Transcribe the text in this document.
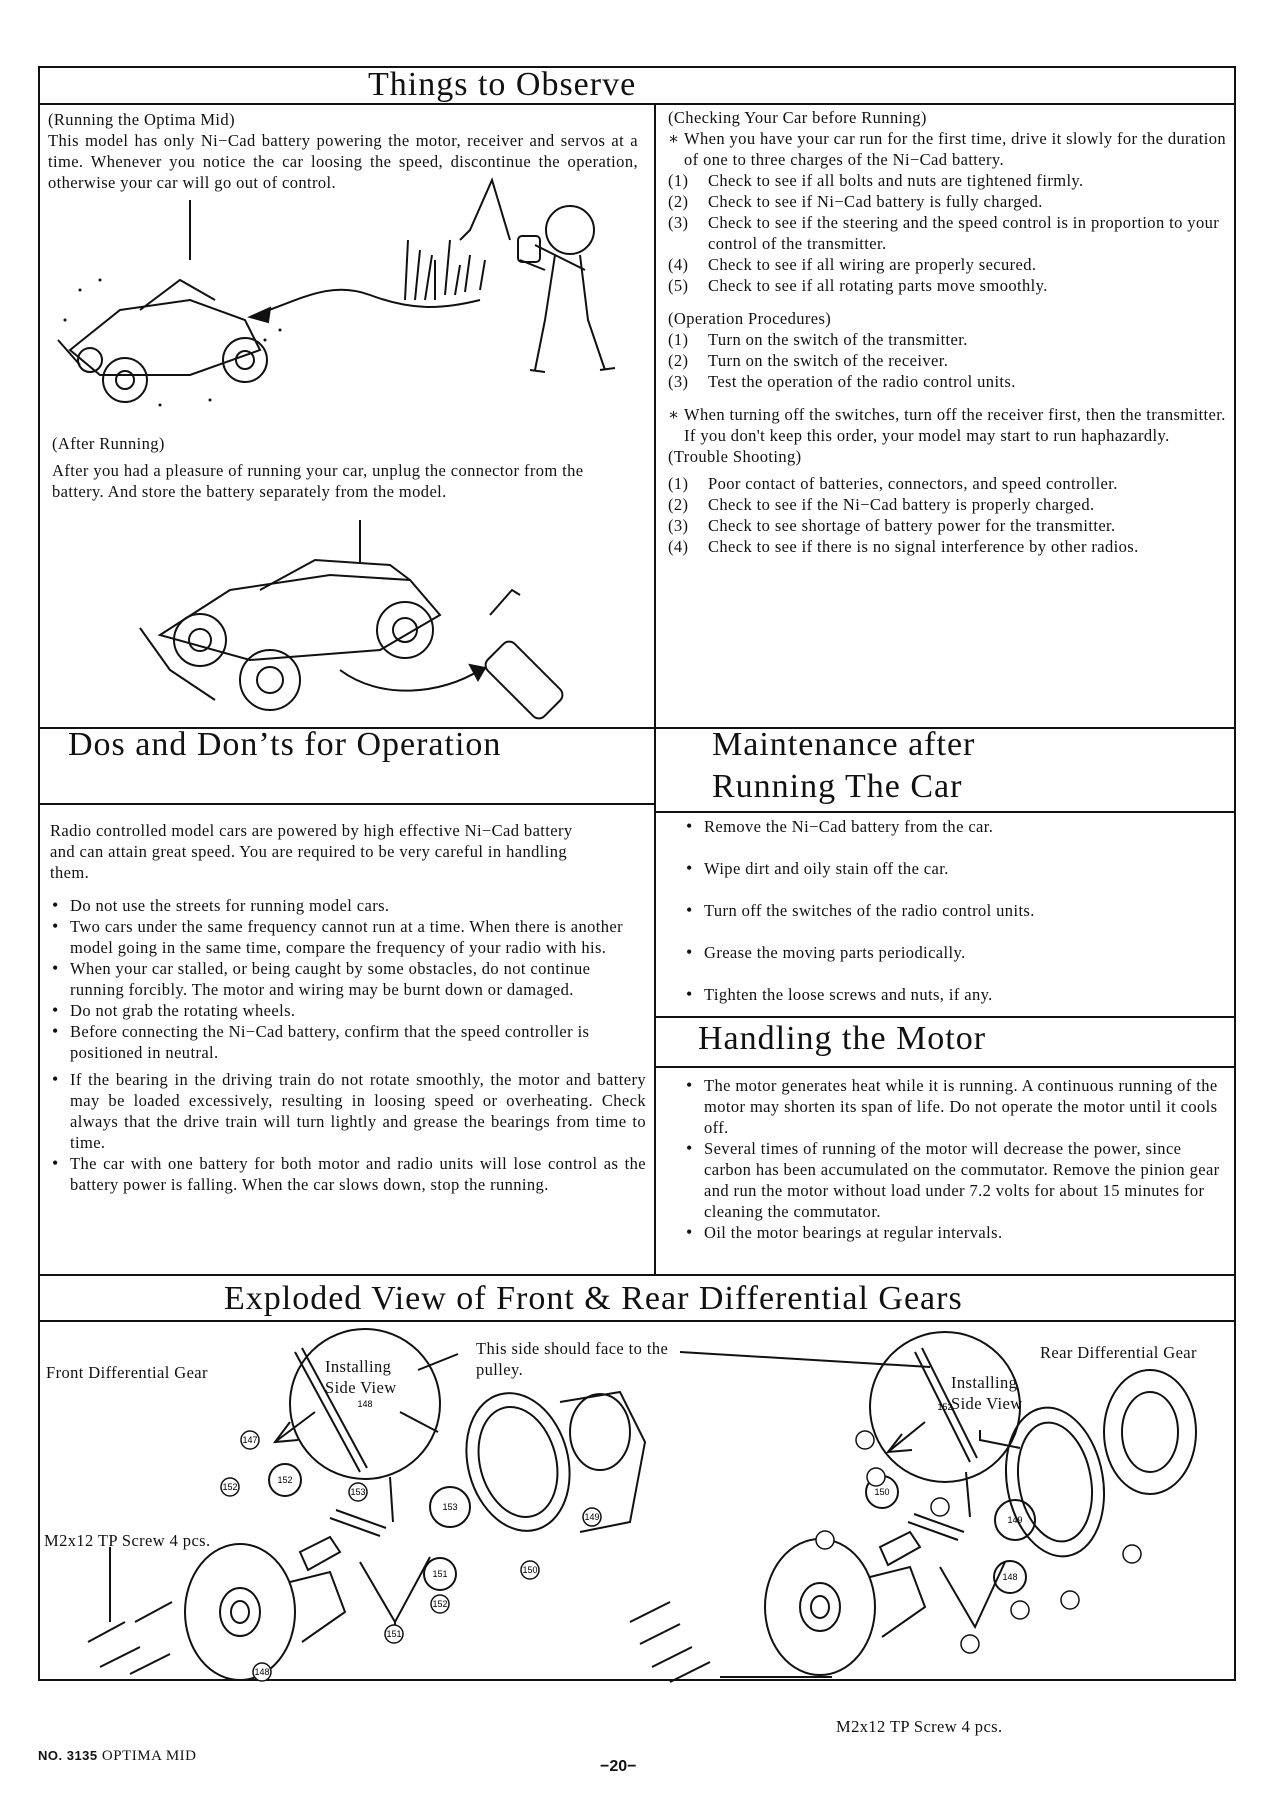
Things to Observe
Dos and Don’ts for Operation	Maintenance after
Running The Car
Handling the Motor
Exploded View of Front & Rear Differential Gears

(Running the Optima Mid)

This model has only Ni−Cad battery powering the motor, receiver and servos at a time. Whenever you notice the car loosing the speed, discontinue the operation, otherwise your car will go out of control.

(After Running)

After you had a pleasure of running your car, unplug the connector from the battery. And store the battery separately from the model.

(Checking Your Car before Running)

∗ When you have your car run for the first time, drive it slowly for the duration of one to three charges of the Ni−Cad battery.

(1) Check to see if all bolts and nuts are tightened firmly.
(2) Check to see if Ni−Cad battery is fully charged.
(3) Check to see if the steering and the speed control is in proportion to your control of the transmitter.
(4) Check to see if all wiring are properly secured.
(5) Check to see if all rotating parts move smoothly.

(Operation Procedures)

(1) Turn on the switch of the transmitter.
(2) Turn on the switch of the receiver.
(3) Test the operation of the radio control units.

∗ When turning off the switches, turn off the receiver first, then the transmitter. If you don't keep this order, your model may start to run haphazardly.

(Trouble Shooting)

(1) Poor contact of batteries, connectors, and speed controller.
(2) Check to see if the Ni−Cad battery is properly charged.
(3) Check to see shortage of battery power for the transmitter.
(4) Check to see if there is no signal interference by other radios.

Radio controlled model cars are powered by high effective Ni−Cad battery and can attain great speed. You are required to be very careful in handling them.

• Do not use the streets for running model cars.
• Two cars under the same frequency cannot run at a time. When there is another model going in the same time, compare the frequency of your radio with his.
• When your car stalled, or being caught by some obstacles, do not continue running forcibly. The motor and wiring may be burnt down or damaged.
• Do not grab the rotating wheels.
• Before connecting the Ni−Cad battery, confirm that the speed controller is positioned in neutral.
• If the bearing in the driving train do not rotate smoothly, the motor and battery may be loaded excessively, resulting in loosing speed or overheating. Check always that the drive train will turn lightly and grease the bearings from time to time.
• The car with one battery for both motor and radio units will lose control as the battery power is falling. When the car slows down, stop the running.
• Remove the Ni−Cad battery from the car.
• Wipe dirt and oily stain off the car.
• Turn off the switches of the radio control units.
• Grease the moving parts periodically.
• Tighten the loose screws and nuts, if any.
• The motor generates heat while it is running. A continuous running of the motor may shorten its span of life. Do not operate the motor until it cools off.
• Several times of running of the motor will decrease the power, since carbon has been accumulated on the commutator. Remove the pinion gear and run the motor without load under 7.2 volts for about 15 minutes for cleaning the commutator.
• Oil the motor bearings at regular intervals.
Front Differential Gear	Installing Side View
This side should face to the pulley.
Rear Differential Gear
Installing Side View
M2x12 TP Screw 4 pcs.
M2x12 TP Screw 4 pcs.
148
152
153
151
152
150
149
148
147
152	153
151
152
150
149
148
NO. 3135 OPTIMA MID
−20−
